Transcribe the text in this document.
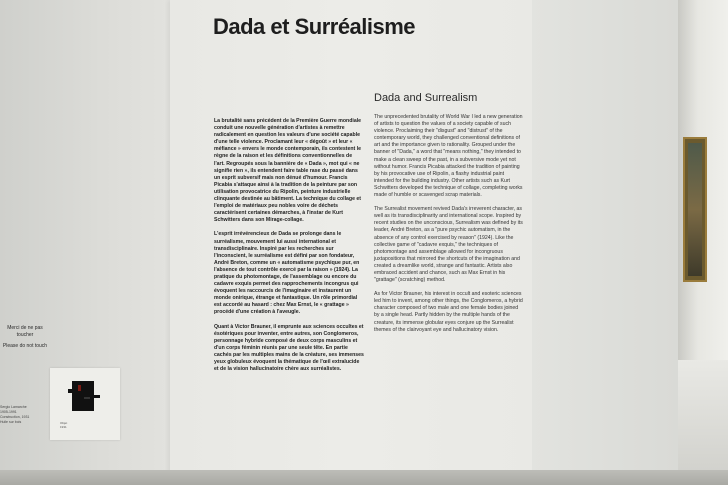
Dada et Surréalisme
Dada and Surrealism

La brutalité sans précédent de la Première Guerre mondiale conduit une nouvelle génération d'artistes à remettre radicalement en question les valeurs d'une société capable d'une telle violence. Proclamant leur « dégoût » et leur « méfiance » envers le monde contemporain, ils contestent le règne de la raison et les définitions conventionnelles de l'art. Regroupés sous la bannière de « Dada », mot qui « ne signifie rien », ils entendent faire table rase du passé dans un esprit subversif mais non dénué d'humour. Francis Picabia s'attaque ainsi à la tradition de la peinture par son utilisation provocatrice du Ripolin, peinture industrielle clinquante destinée au bâtiment. La technique du collage et l'emploi de matériaux peu nobles voire de déchets caractérisent certaines démarches, à l'instar de Kurt Schwitters dans son Mirage-collage.

L'esprit irrévérencieux de Dada se prolonge dans le surréalisme, mouvement lui aussi international et transdisciplinaire. Inspiré par les recherches sur l'inconscient, le surréalisme est défini par son fondateur, André Breton, comme un « automatisme psychique pur, en l'absence de tout contrôle exercé par la raison » (1924). La pratique du photomontage, de l'assemblage ou encore du cadavre exquis permet des rapprochements incongrus qui évoquent les raccourcis de l'imaginaire et instaurent un monde onirique, étrange et fantastique. Un rôle primordial est accordé au hasard : chez Max Ernst, le « grattage » procédé d'une création à l'aveugle.

Quant à Victor Brauner, il emprunte aux sciences occultes et ésotériques pour inventer, entre autres, son Conglomeros, personnage hybride composé de deux corps masculins et d'un corps féminin réunis par une seule tête. En partie cachés par les multiples mains de la créature, ses immenses yeux globuleux évoquent la thématique de l'œil extralucide et de la vision hallucinatoire chère aux surréalistes.

The unprecedented brutality of World War I led a new generation of artists to question the values of a society capable of such violence. Proclaiming their "disgust" and "distrust" of the contemporary world, they challenged conventional definitions of art and the importance given to rationality. Grouped under the banner of "Dada," a word that "means nothing," they intended to make a clean sweep of the past, in a subversive mode yet not without humor. Francis Picabia attacked the tradition of painting by his provocative use of Ripolin, a flashy industrial paint intended for the building industry. Other artists such as Kurt Schwitters developed the technique of collage, completing works made of humble or scavenged scrap materials.

The Surrealist movement revived Dada's irreverent character, as well as its transdisciplinarity and international scope. Inspired by recent studies on the unconscious, Surrealism was defined by its leader, André Breton, as a "pure psychic automatism, in the absence of any control exercised by reason" (1924). Like the collective game of "cadavre exquis," the techniques of photomontage and assemblage allowed for incongruous juxtapositions that mirrored the shortcuts of the imagination and created a dreamlike world, strange and fantastic. Artists also embraced accident and chance, such as Max Ernst in his "grattage" (scratching) method.

As for Victor Brauner, his interest in occult and esoteric sciences led him to invent, among other things, the Conglomeros, a hybrid character composed of two male and one female bodies joined by a single head. Partly hidden by the multiple hands of the creature, its immense globular eyes conjure up the Surrealist themes of the clairvoyant eye and hallucinatory vision.

Merci de ne pas
toucher
Please do not touch
Sergio Lamarche
1905-1991
Construction, 1931
Huile sur bois	Objet
1931
